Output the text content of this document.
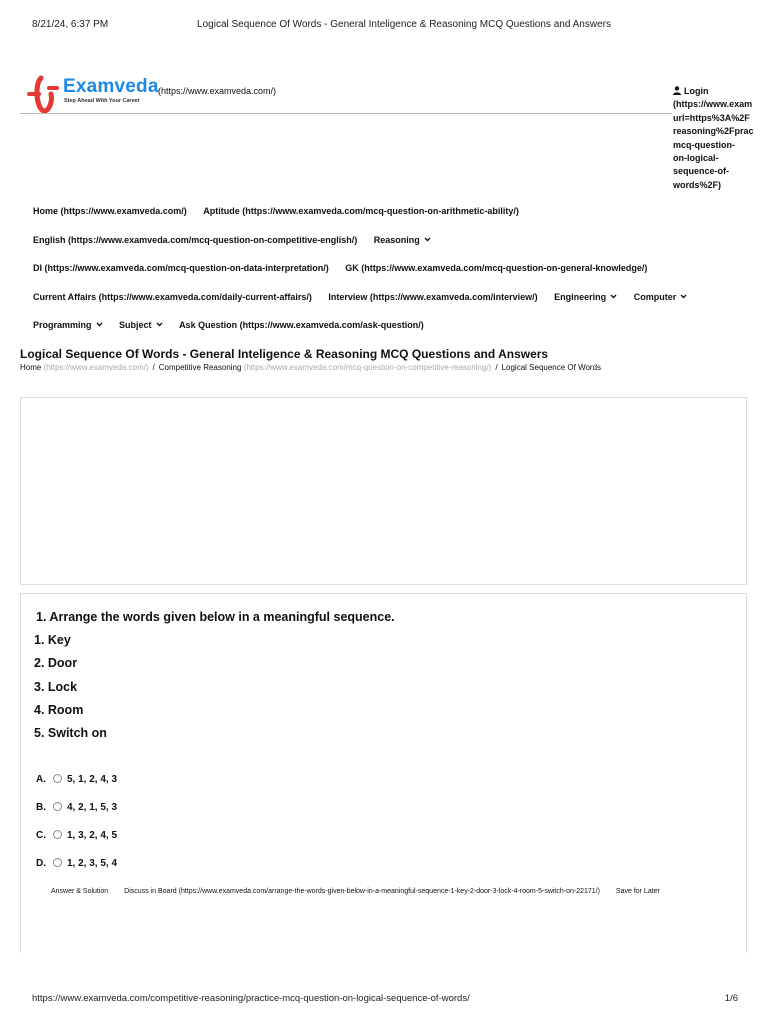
8/21/24, 6:37 PM	Logical Sequence Of Words - General Inteligence & Reasoning MCQ Questions and Answers
Examveda
Step Ahead With Your Career
(https://www.examveda.com/)	Login
(https://www.exam
url=https%3A%2F
reasoning%2Fprac
mcq-question-
on-logical-
sequence-of-
words%2F)
Home (https://www.examveda.com/) Aptitude (https://www.examveda.com/mcq-question-on-arithmetic-ability/)
English (https://www.examveda.com/mcq-question-on-competitive-english/) Reasoning
DI (https://www.examveda.com/mcq-question-on-data-interpretation/) GK (https://www.examveda.com/mcq-question-on-general-knowledge/)
Current Affairs (https://www.examveda.com/daily-current-affairs/) Interview (https://www.examveda.com/interview/) Engineering	Computer
Programming	Subject	Ask Question (https://www.examveda.com/ask-question/)
Logical Sequence Of Words - General Inteligence & Reasoning MCQ Questions and Answers
Home (https://www.examveda.com/) / Competitive Reasoning (https://www.examveda.com/mcq-question-on-competitive-reasoning/) / Logical Sequence Of Words
1. Arrange the words given below in a meaningful sequence.
1. Key
2. Door
3. Lock
4. Room
5. Switch on
A. 5, 1, 2, 4, 3
B. 4, 2, 1, 5, 3
C. 1, 3, 2, 4, 5
D. 1, 2, 3, 5, 4
Answer & Solution Discuss in Board (https://www.examveda.com/arrange-the-words-given-below-in-a-meaningful-sequence-1-key-2-door-3-lock-4-room-5-switch-on-22171/) Save for Later
https://www.examveda.com/competitive-reasoning/practice-mcq-question-on-logical-sequence-of-words/	1/6
